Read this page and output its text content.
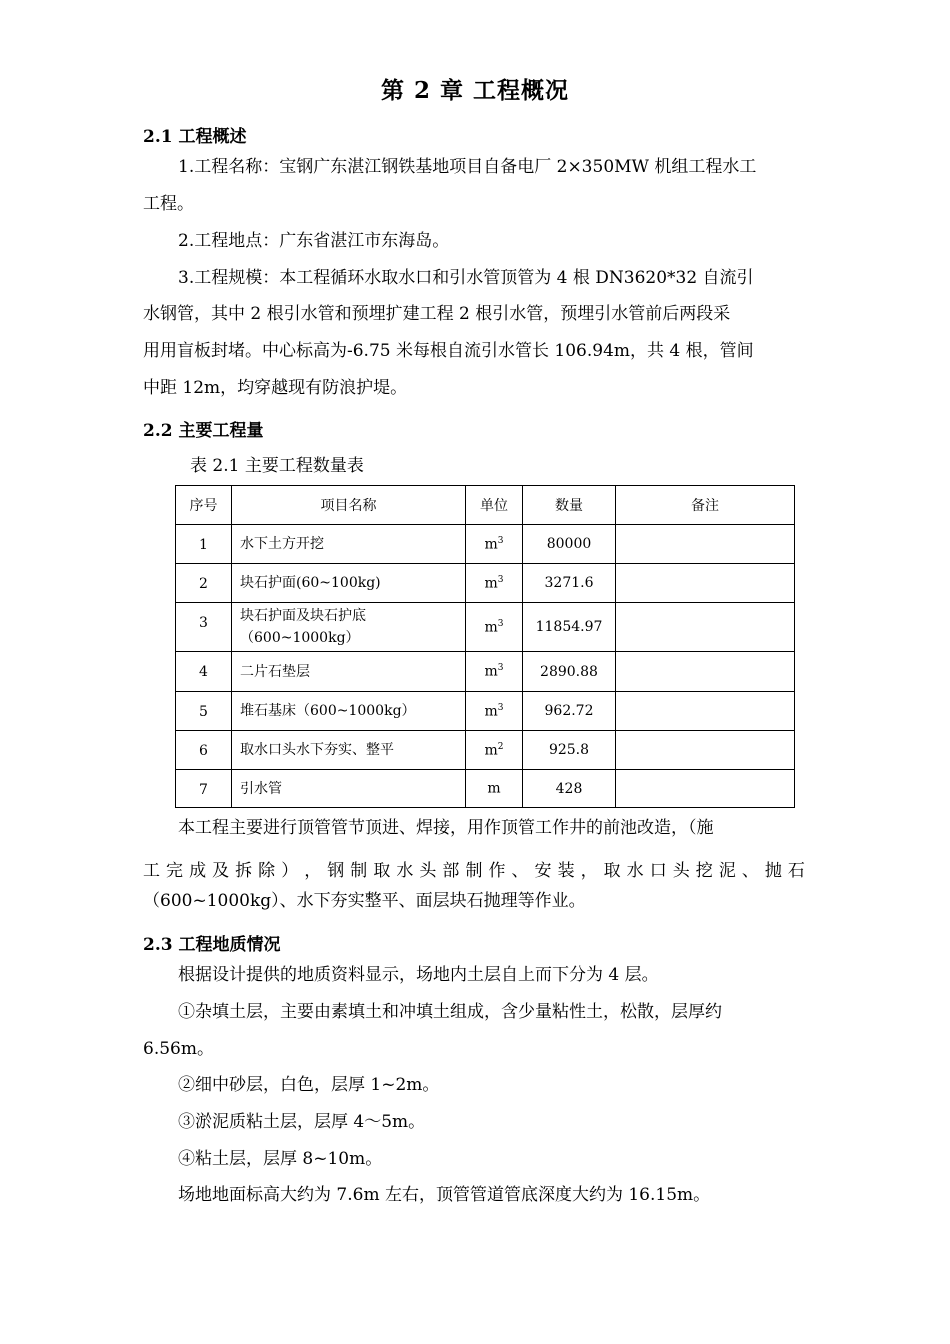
第 2 章 工程概况
2.1 工程概述
1.工程名称：宝钢广东湛江钢铁基地项目自备电厂 2×350MW 机组工程水工
工程。
2.工程地点：广东省湛江市东海岛。
3.工程规模：本工程循环水取水口和引水管顶管为 4 根 DN3620*32 自流引
水钢管，其中 2 根引水管和预埋扩建工程 2 根引水管，预埋引水管前后两段采
用用盲板封堵。中心标高为-6.75 米每根自流引水管长 106.94m，共 4 根，管间
中距 12m，均穿越现有防浪护堤。
2.2 主要工程量
表 2.1 主要工程数量表
序号	项目名称	单位	数量	备注
1	水下土方开挖	$m^3$	80000	
2	块石护面(60~100kg)	$m^3$	3271.6	
3	块石护面及块石护底
（600~1000kg）	$m^3$	11854.97	
4	二片石垫层	$m^3$	2890.88	
5	堆石基床（600~1000kg）	$m^3$	962.72	
6	取水口头水下夯实、整平	$m^2$	925.8	
7	引水管	m	428	
本工程主要进行顶管管节顶进、焊接，用作顶管工作井的前池改造，（施
工 完 成 及 拆 除 ） ， 钢 制 取 水 头 部 制 作 、 安 装 ， 取 水 口 头 挖 泥 、 抛 石
（600~1000kg）、水下夯实整平、面层块石抛理等作业。
2.3 工程地质情况
根据设计提供的地质资料显示，场地内土层自上而下分为 4 层。
①杂填土层，主要由素填土和冲填土组成，含少量粘性土，松散，层厚约
6.56m。
②细中砂层，白色，层厚 1~2m。
③淤泥质粘土层，层厚 4～5m。
④粘土层，层厚 8~10m。
场地地面标高大约为 7.6m 左右，顶管管道管底深度大约为 16.15m。
